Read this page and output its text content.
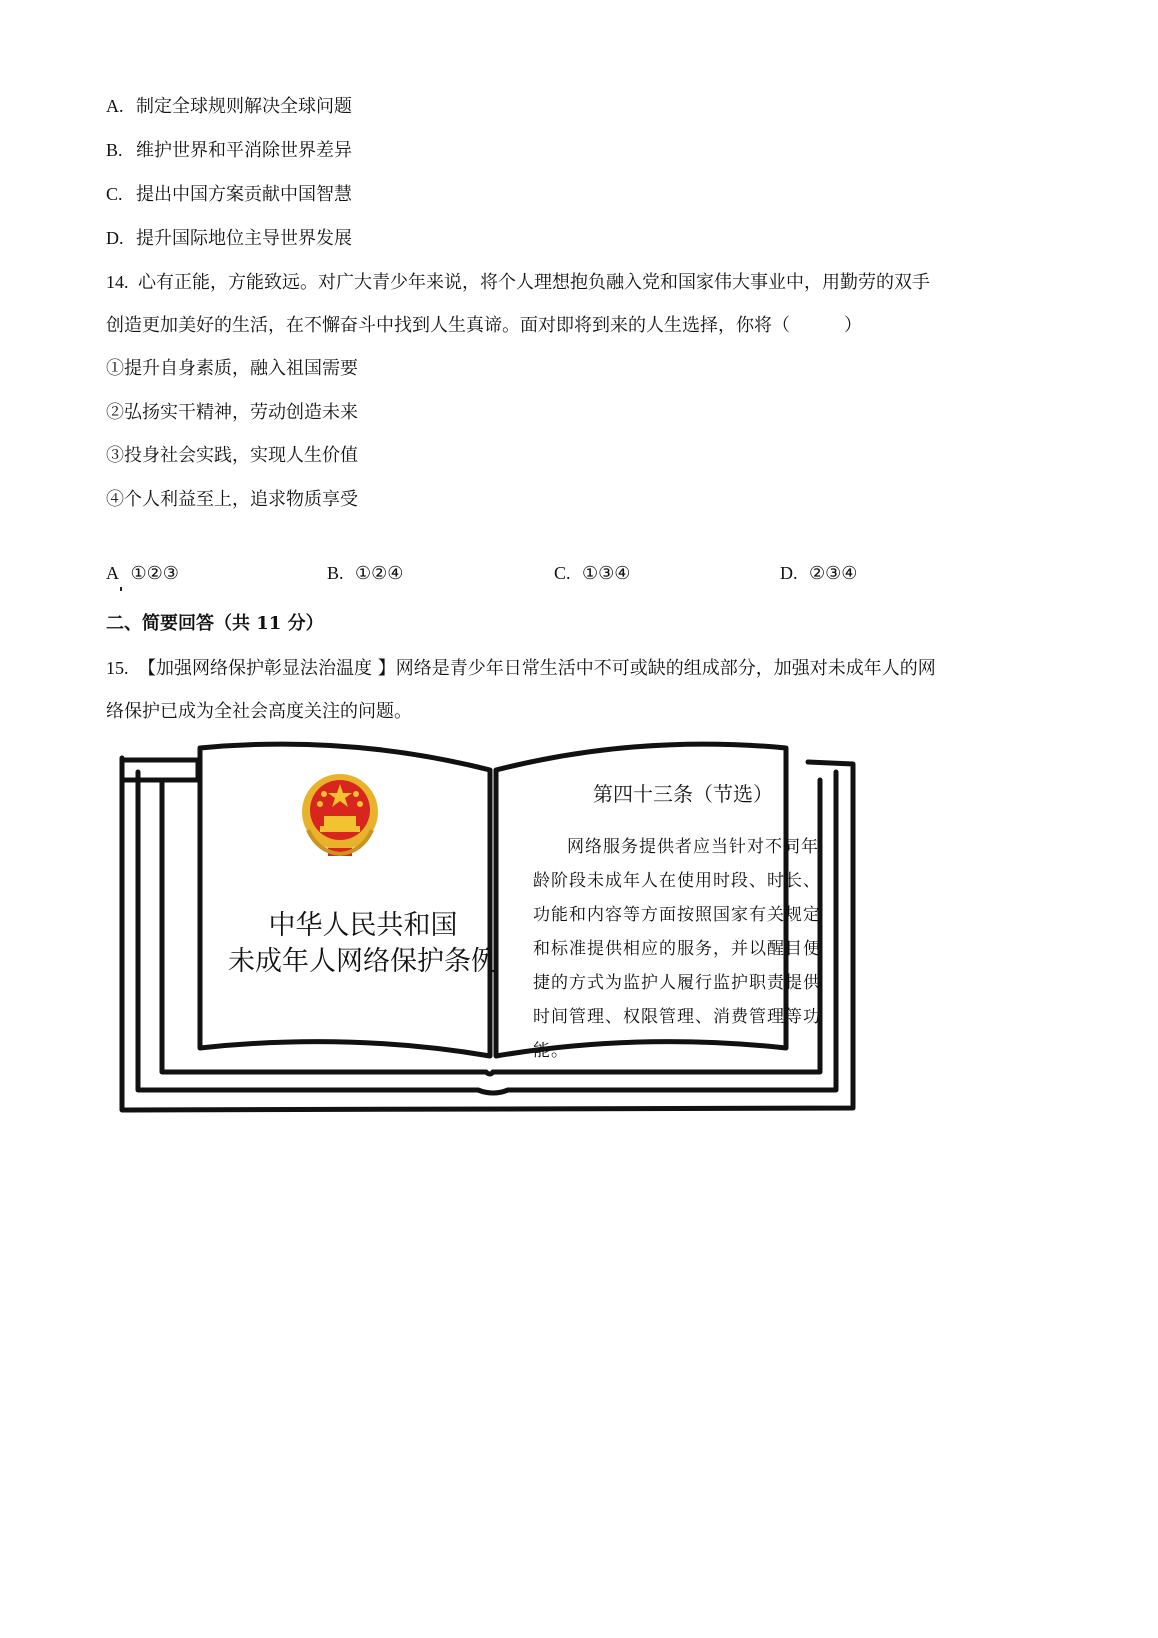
A. 制定全球规则解决全球问题
B. 维护世界和平消除世界差异
C. 提出中国方案贡献中国智慧
D. 提升国际地位主导世界发展
14. 心有正能，方能致远。对广大青少年来说，将个人理想抱负融入党和国家伟大事业中，用勤劳的双手
创造更加美好的生活，在不懈奋斗中找到人生真谛。面对即将到来的人生选择，你将（　　　）
①提升自身素质，融入祖国需要
②弘扬实干精神，劳动创造未来
③投身社会实践，实现人生价值
④个人利益至上，追求物质享受
A ①②③	B. ①②④	C. ①③④	D. ②③④
二、简要回答（共 11 分）
15. 【加强网络保护彰显法治温度 】网络是青少年日常生活中不可或缺的组成部分，加强对未成年人的网
络保护已成为全社会高度关注的问题。
中华人民共和国
未成年人网络保护条例
第四十三条（节选）

网络服务提供者应当针对不同年龄阶段未成年人在使用时段、时长、功能和内容等方面按照国家有关规定和标准提供相应的服务，并以醒目便捷的方式为监护人履行监护职责提供时间管理、权限管理、消费管理等功能。
